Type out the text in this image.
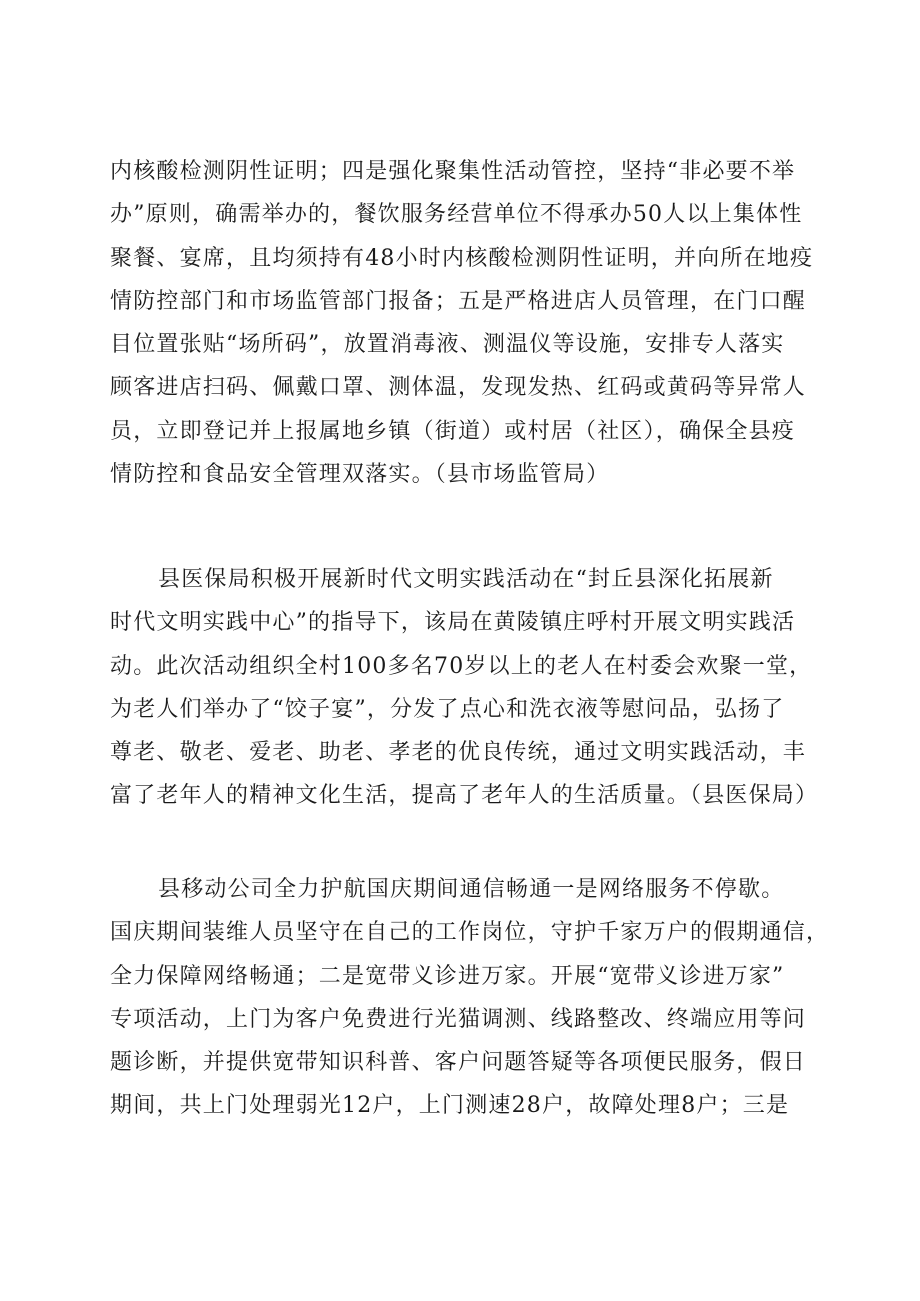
内核酸检测阴性证明；四是强化聚集性活动管控，坚持“非必要不举
办”原则，确需举办的，餐饮服务经营单位不得承办50人以上集体性
聚餐、宴席，且均须持有48小时内核酸检测阴性证明，并向所在地疫
情防控部门和市场监管部门报备；五是严格进店人员管理，在门口醒
目位置张贴“场所码”，放置消毒液、测温仪等设施，安排专人落实
顾客进店扫码、佩戴口罩、测体温，发现发热、红码或黄码等异常人
员，立即登记并上报属地乡镇（街道）或村居（社区），确保全县疫
情防控和食品安全管理双落实。（县市场监管局）
县医保局积极开展新时代文明实践活动在“封丘县深化拓展新
时代文明实践中心”的指导下，该局在黄陵镇庄呼村开展文明实践活
动。此次活动组织全村100多名70岁以上的老人在村委会欢聚一堂，
为老人们举办了“饺子宴”，分发了点心和洗衣液等慰问品，弘扬了
尊老、敬老、爱老、助老、孝老的优良传统，通过文明实践活动，丰
富了老年人的精神文化生活，提高了老年人的生活质量。（县医保局）
县移动公司全力护航国庆期间通信畅通一是网络服务不停歇。
国庆期间装维人员坚守在自己的工作岗位，守护千家万户的假期通信，
全力保障网络畅通；二是宽带义诊进万家。开展“宽带义诊进万家”
专项活动，上门为客户免费进行光猫调测、线路整改、终端应用等问
题诊断，并提供宽带知识科普、客户问题答疑等各项便民服务，假日
期间，共上门处理弱光12户，上门测速28户，故障处理8户；三是
